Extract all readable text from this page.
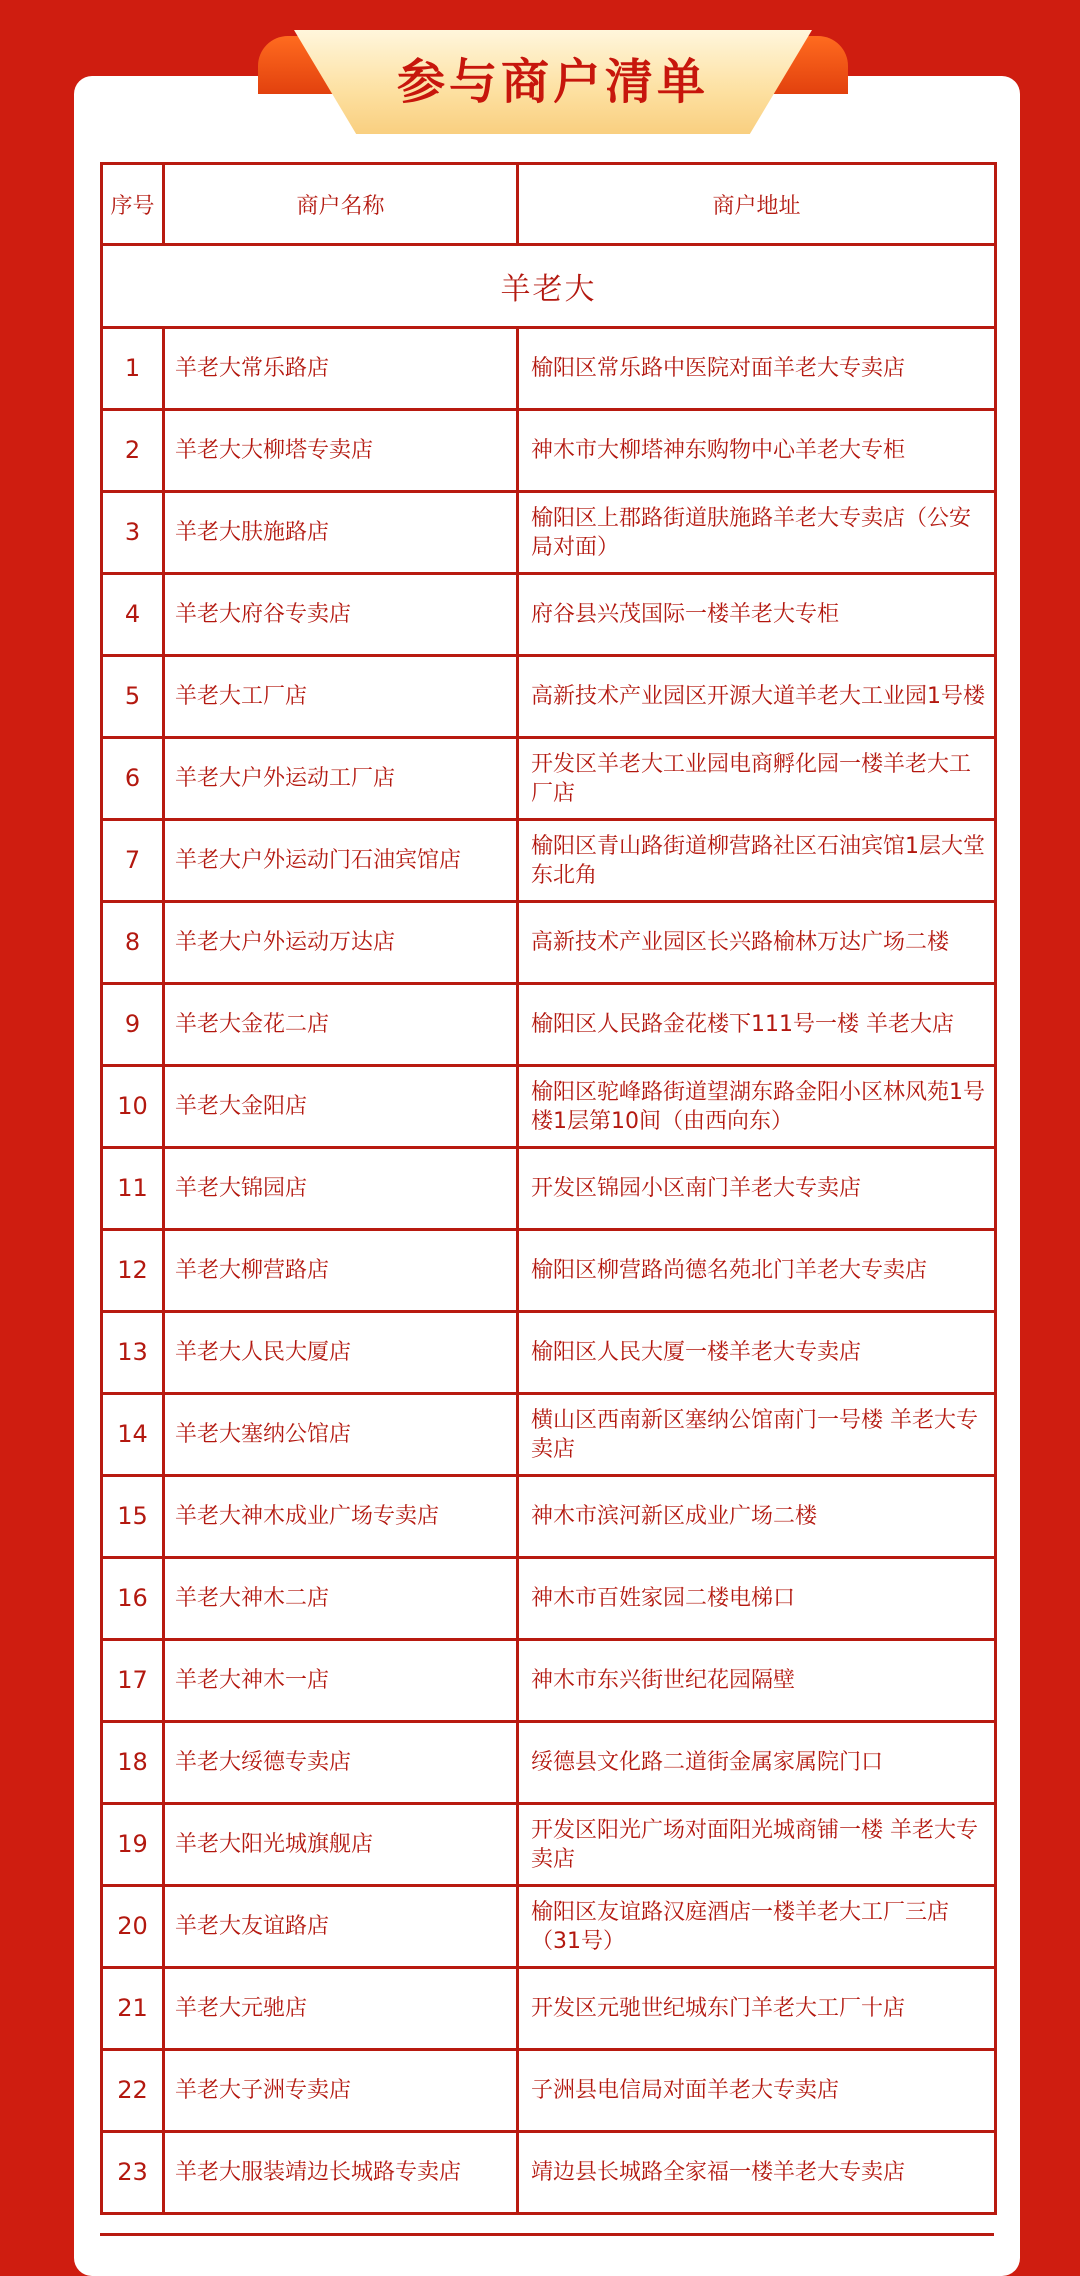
参与商户清单
序号	商户名称	商户地址
羊老大		
1	羊老大常乐路店	榆阳区常乐路中医院对面羊老大专卖店
2	羊老大大柳塔专卖店	神木市大柳塔神东购物中心羊老大专柜
3	羊老大肤施路店	榆阳区上郡路街道肤施路羊老大专卖店（公安局对面）
4	羊老大府谷专卖店	府谷县兴茂国际一楼羊老大专柜
5	羊老大工厂店	高新技术产业园区开源大道羊老大工业园1号楼
6	羊老大户外运动工厂店	开发区羊老大工业园电商孵化园一楼羊老大工厂店
7	羊老大户外运动门石油宾馆店	榆阳区青山路街道柳营路社区石油宾馆1层大堂东北角
8	羊老大户外运动万达店	高新技术产业园区长兴路榆林万达广场二楼
9	羊老大金花二店	榆阳区人民路金花楼下111号一楼 羊老大店
10	羊老大金阳店	榆阳区驼峰路街道望湖东路金阳小区林风苑1号楼1层第10间（由西向东）
11	羊老大锦园店	开发区锦园小区南门羊老大专卖店
12	羊老大柳营路店	榆阳区柳营路尚德名苑北门羊老大专卖店
13	羊老大人民大厦店	榆阳区人民大厦一楼羊老大专卖店
14	羊老大塞纳公馆店	横山区西南新区塞纳公馆南门一号楼 羊老大专卖店
15	羊老大神木成业广场专卖店	神木市滨河新区成业广场二楼
16	羊老大神木二店	神木市百姓家园二楼电梯口
17	羊老大神木一店	神木市东兴街世纪花园隔壁
18	羊老大绥德专卖店	绥德县文化路二道街金属家属院门口
19	羊老大阳光城旗舰店	开发区阳光广场对面阳光城商铺一楼 羊老大专卖店
20	羊老大友谊路店	榆阳区友谊路汉庭酒店一楼羊老大工厂三店（31号）
21	羊老大元驰店	开发区元驰世纪城东门羊老大工厂十店
22	羊老大子洲专卖店	子洲县电信局对面羊老大专卖店
23	羊老大服装靖边长城路专卖店	靖边县长城路全家福一楼羊老大专卖店
